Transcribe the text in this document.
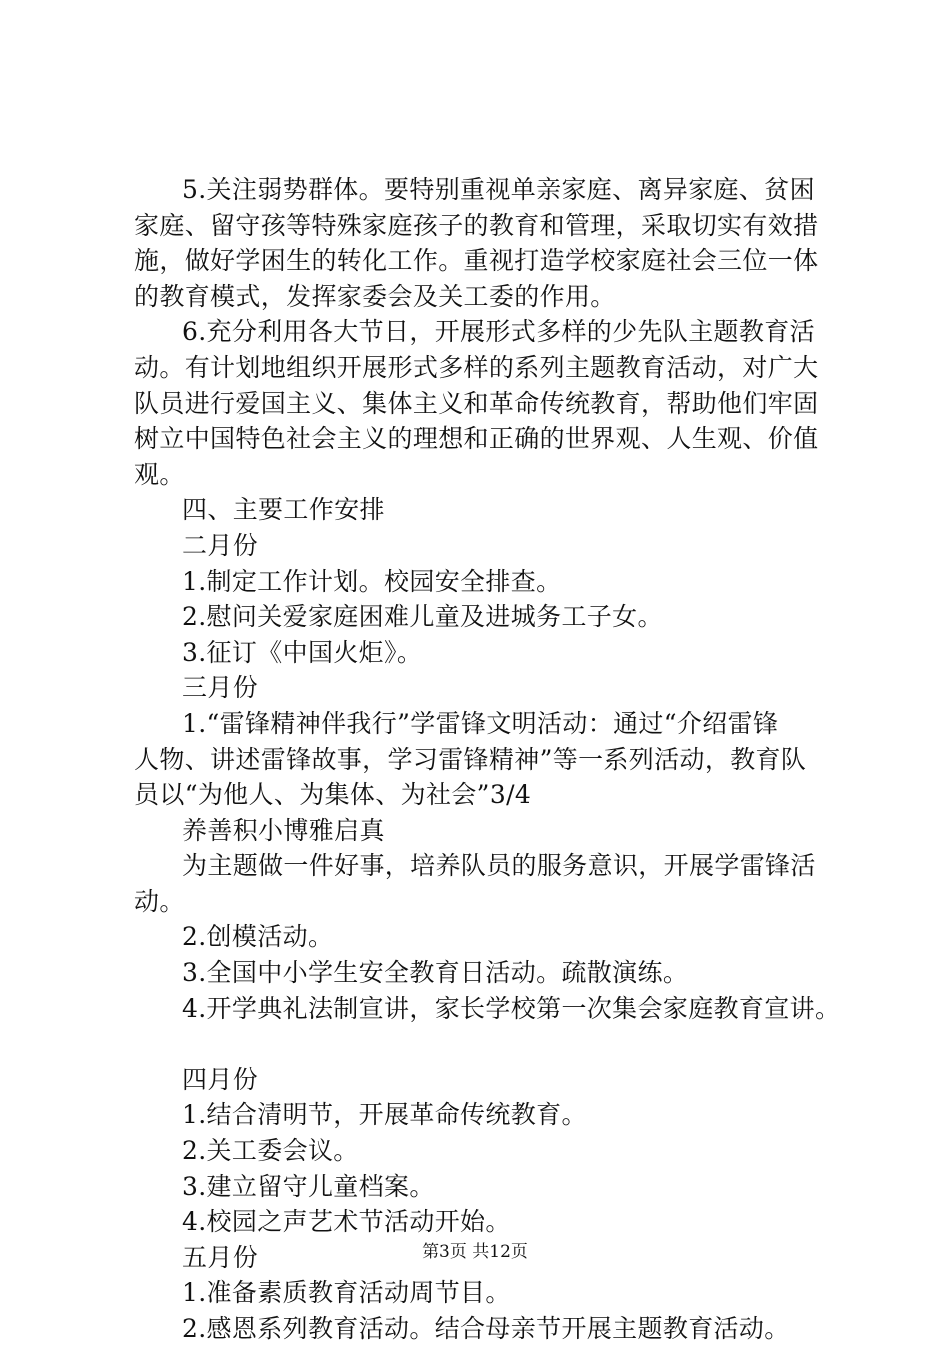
5.关注弱势群体。要特别重视单亲家庭、离异家庭、贫困
家庭、留守孩等特殊家庭孩子的教育和管理，采取切实有效措
施，做好学困生的转化工作。重视打造学校家庭社会三位一体
的教育模式，发挥家委会及关工委的作用。
6.充分利用各大节日，开展形式多样的少先队主题教育活
动。有计划地组织开展形式多样的系列主题教育活动，对广大
队员进行爱国主义、集体主义和革命传统教育，帮助他们牢固
树立中国特色社会主义的理想和正确的世界观、人生观、价值
观。
四、主要工作安排
二月份
1.制定工作计划。校园安全排查。
2.慰问关爱家庭困难儿童及进城务工子女。
3.征订《中国火炬》。
三月份
1.“雷锋精神伴我行”学雷锋文明活动：通过“介绍雷锋
人物、讲述雷锋故事，学习雷锋精神”等一系列活动，教育队
员以“为他人、为集体、为社会”3/4
养善积小博雅启真
为主题做一件好事，培养队员的服务意识，开展学雷锋活
动。
2.创模活动。
3.全国中小学生安全教育日活动。疏散演练。
4.开学典礼法制宣讲，家长学校第一次集会家庭教育宣讲。
四月份
1.结合清明节，开展革命传统教育。
2.关工委会议。
3.建立留守儿童档案。
4.校园之声艺术节活动开始。
五月份
1.准备素质教育活动周节目。
2.感恩系列教育活动。结合母亲节开展主题教育活动。
第3页 共12页
